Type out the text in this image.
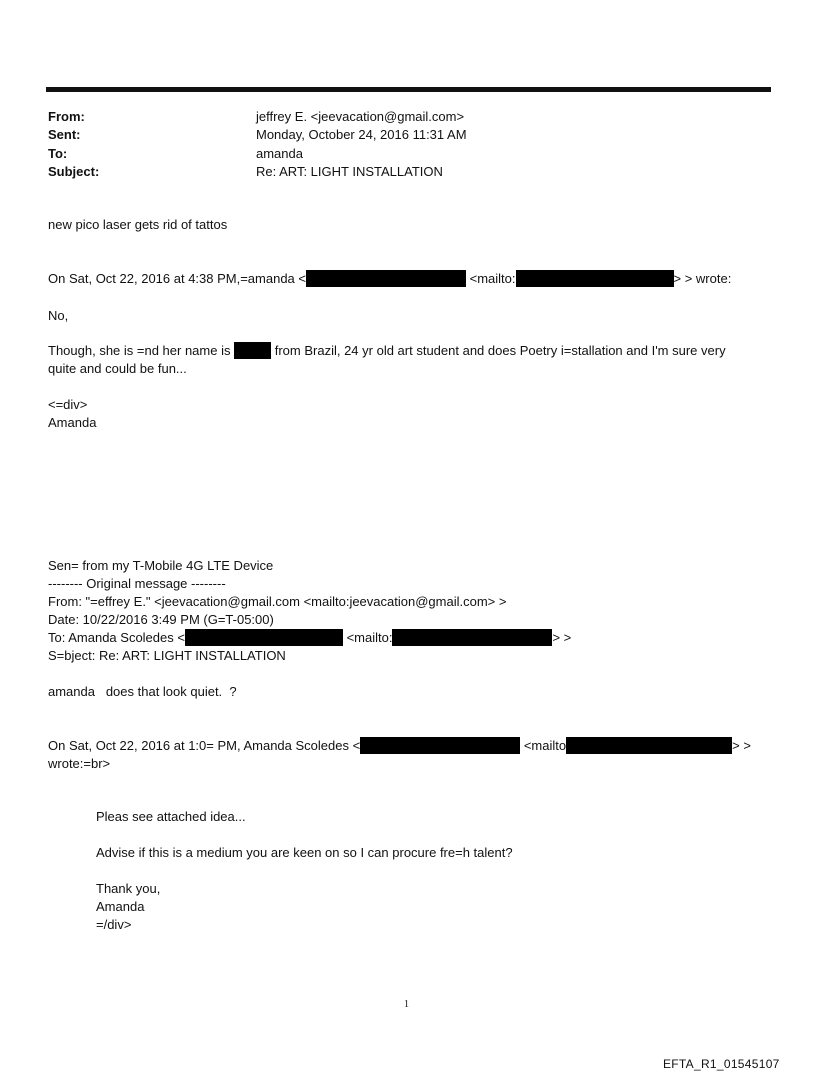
From:	jeffrey E. <jeevacation@gmail.com>
Sent:	Monday, October 24, 2016 11:31 AM
To:	amanda
Subject:	Re: ART: LIGHT INSTALLATION
new pico laser gets rid of tattos
On Sat, Oct 22, 2016 at 4:38 PM,=amanda <	<mailto:	> > wrote:
No,
Though, she is =nd her name is	from Brazil, 24 yr old art student and does Poetry i=stallation and I'm sure very
quite and could be fun...
<=div>
Amanda
Sen= from my T-Mobile 4G LTE Device
-------- Original message --------
From: "=effrey E." <jeevacation@gmail.com <mailto:jeevacation@gmail.com> >
Date: 10/22/2016 3:49 PM (G=T-05:00)
To: Amanda Scoledes <	<mailto:	> >
S=bject: Re: ART: LIGHT INSTALLATION
amanda   does that look quiet.  ?
On Sat, Oct 22, 2016 at 1:0= PM, Amanda Scoledes <	<mailto	> >
wrote:=br>
Pleas see attached idea...
Advise if this is a medium you are keen on so I can procure fre=h talent?
Thank you,
Amanda
=/div>
1
EFTA_R1_01545107
